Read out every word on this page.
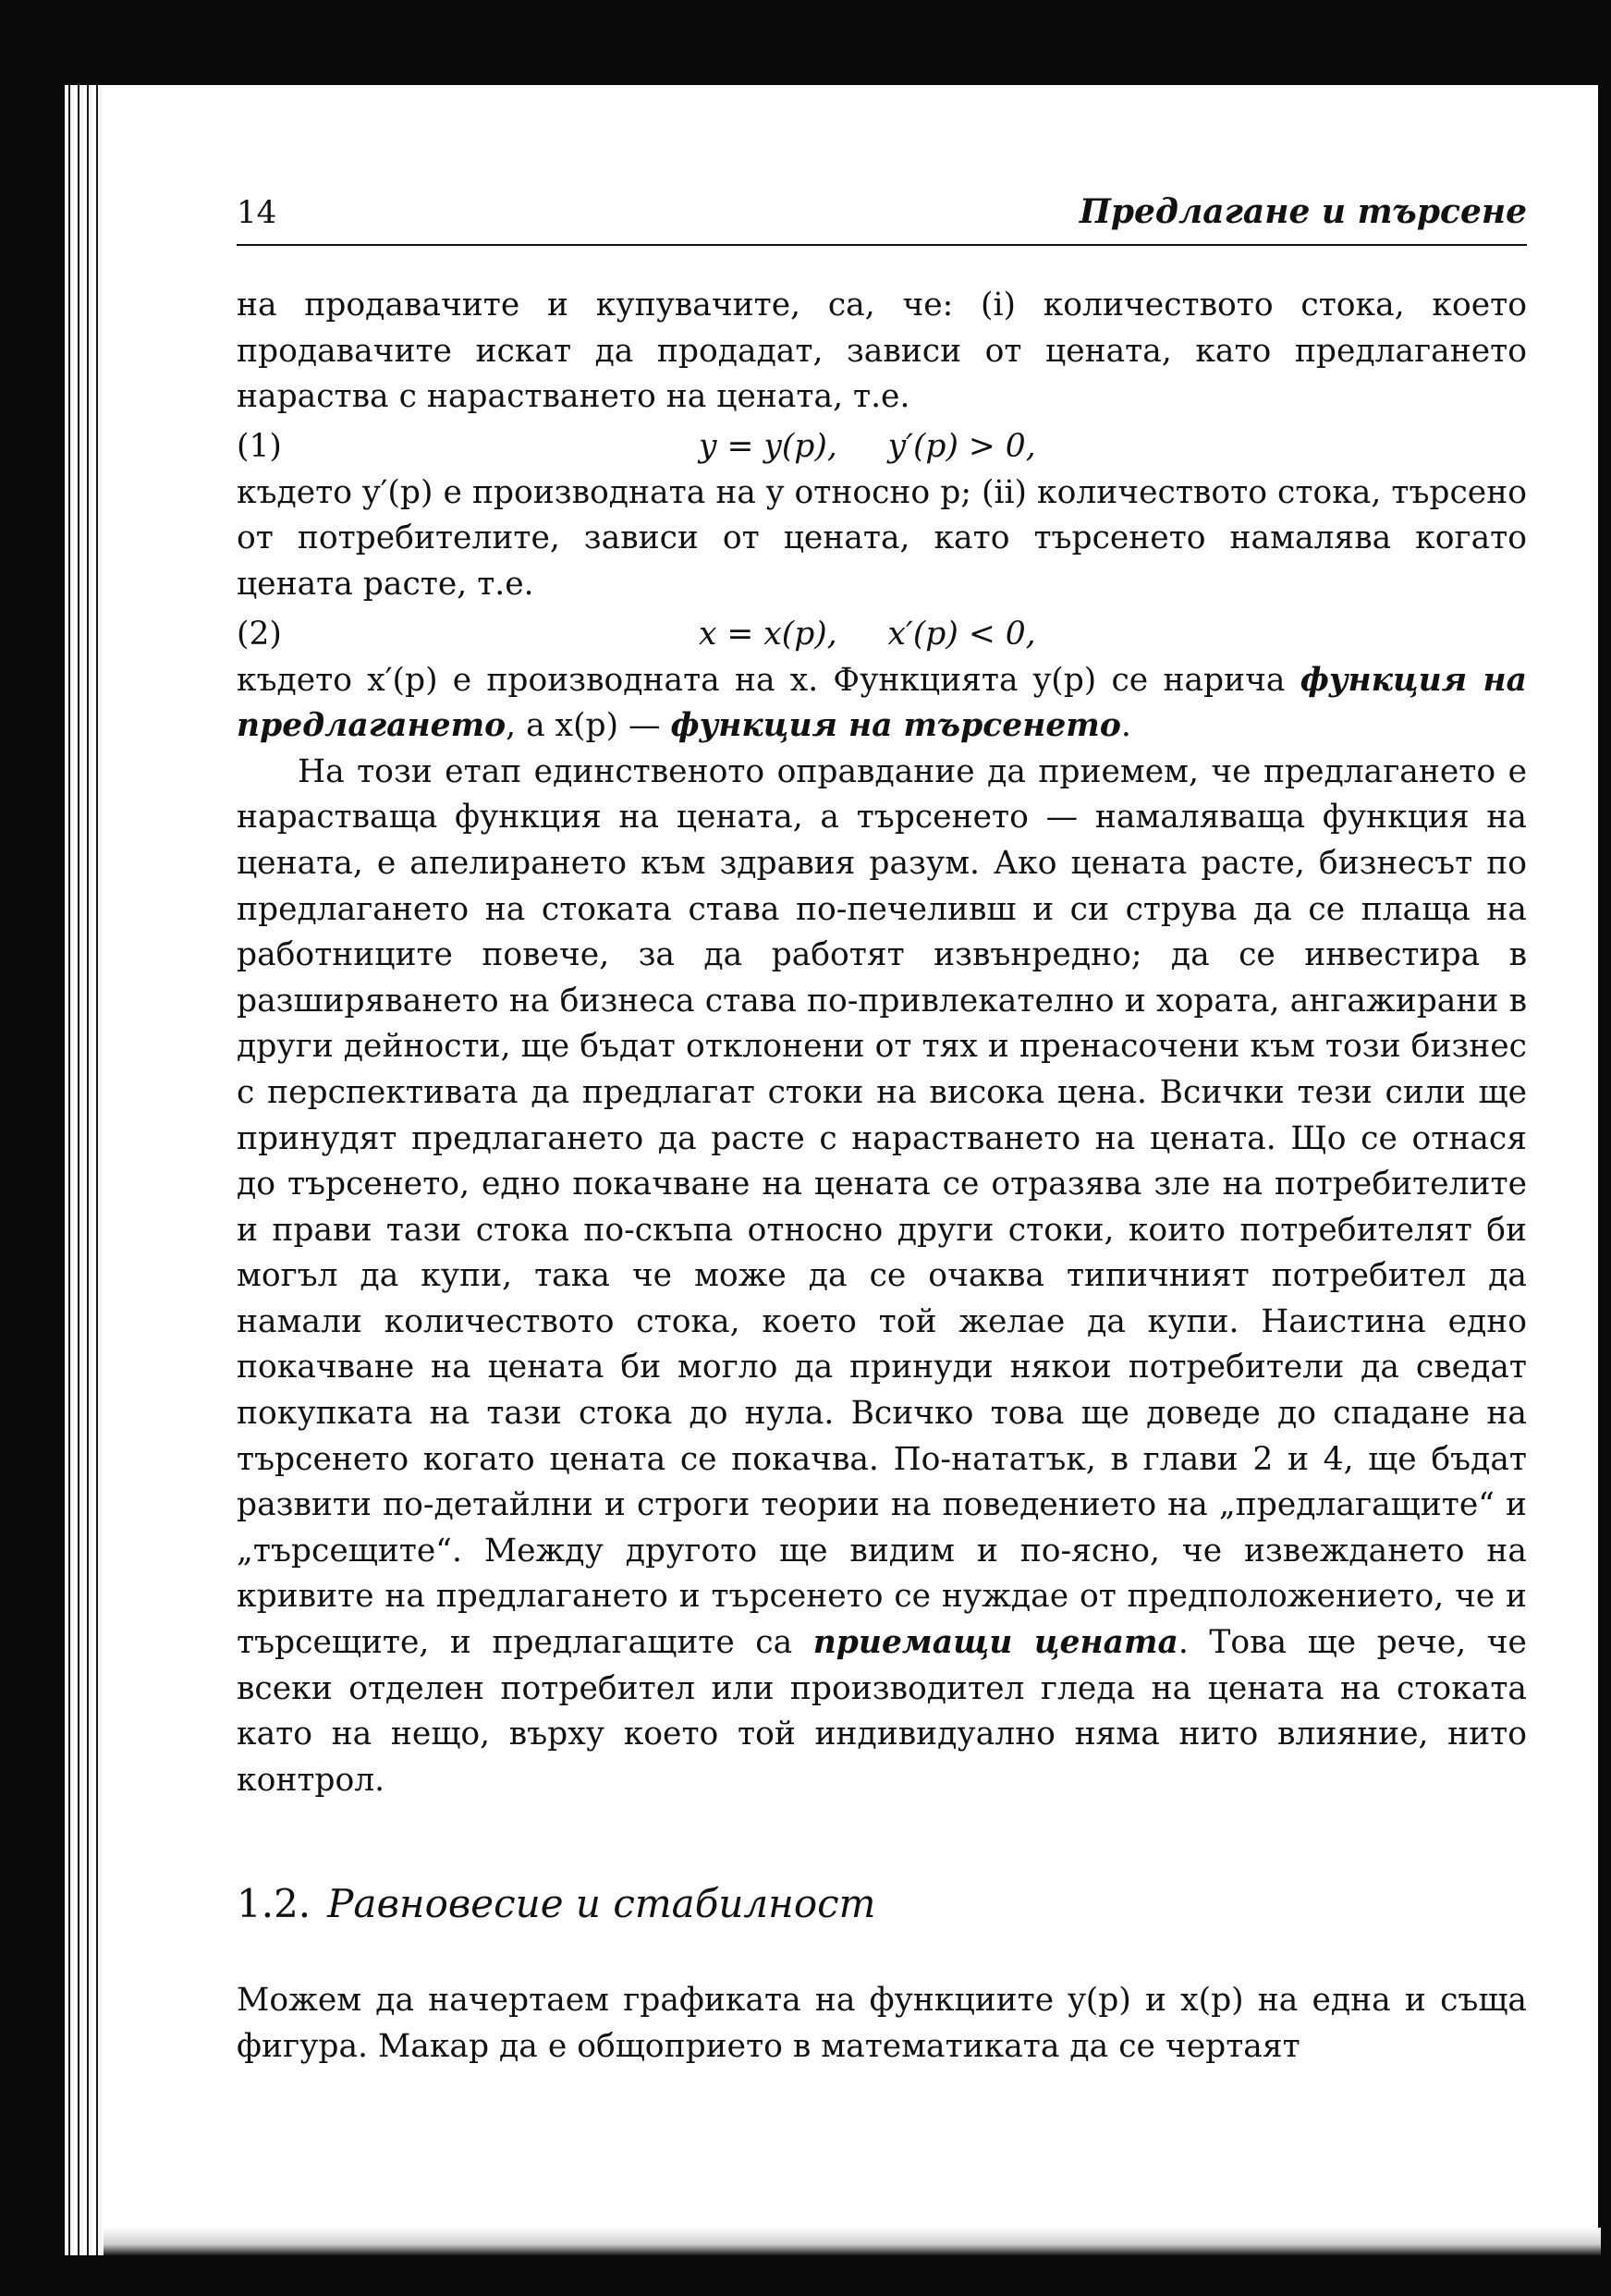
14	Предлагане и търсене

на продавачите и купувачите, са, че: (i) количеството стока, което продавачите искат да продадат, зависи от цената, като предлагането нараства с нарастването на цената, т.е.

(1)	y = y(p),     y′(p) > 0,

където y′(p) е производната на y относно p; (ii) количеството стока, търсено от потребителите, зависи от цената, като търсенето намалява когато цената расте, т.е.

(2)	x = x(p),     x′(p) < 0,

където x′(p) е производната на x. Функцията y(p) се нарича функция на предлагането, а x(p) — функция на търсенето.

На този етап единственото оправдание да приемем, че предлагането е нарастваща функция на цената, а търсенето — намаляваща функция на цената, е апелирането към здравия разум. Ако цената расте, бизнесът по предлагането на стоката става по-печеливш и си струва да се плаща на работниците повече, за да работят извънредно; да се инвестира в разширяването на бизнеса става по-привлекателно и хората, ангажирани в други дейности, ще бъдат отклонени от тях и пренасочени към този бизнес с перспективата да предлагат стоки на висока цена. Всички тези сили ще принудят предлагането да расте с нарастването на цената. Що се отнася до търсенето, едно покачване на цената се отразява зле на потребителите и прави тази стока по-скъпа относно други стоки, които потребителят би могъл да купи, така че може да се очаква типичният потребител да намали количеството стока, което той желае да купи. Наистина едно покачване на цената би могло да принуди някои потребители да сведат покупката на тази стока до нула. Всичко това ще доведе до спадане на търсенето когато цената се покачва. По-нататък, в глави 2 и 4, ще бъдат развити по-детайлни и строги теории на поведението на „предлагащите“ и „търсещите“. Между другото ще видим и по-ясно, че извеждането на кривите на предлагането и търсенето се нуждае от предположението, че и търсещите, и предлагащите са приемащи цената. Това ще рече, че всеки отделен потребител или производител гледа на цената на стоката като на нещо, върху което той индивидуално няма нито влияние, нито контрол.

1.2. Равновесие и стабилност

Можем да начертаем графиката на функциите y(p) и x(p) на една и съща фигура. Макар да е общоприето в математиката да се чертаят
